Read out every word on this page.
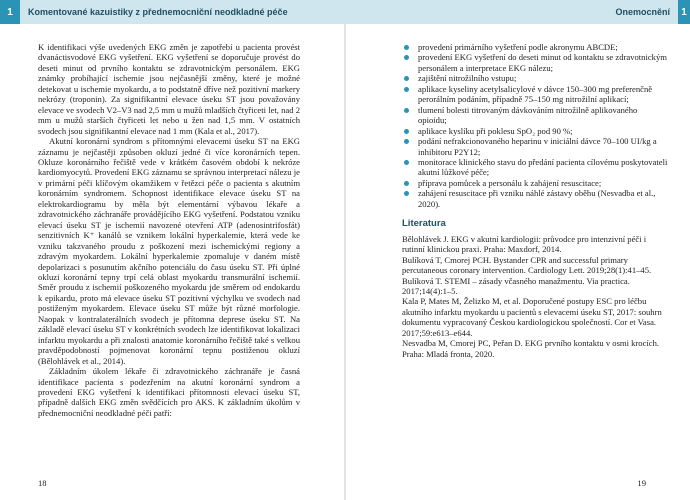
1	Komentované kazuistiky z přednemocniční neodkladné péče	Onemocnění	1

K identifikaci výše uvedených EKG změn je zapotřebí u pacienta provést dvanáctisvodové EKG vyšetření. EKG vyšetření se doporučuje provést do deseti minut od prvního kontaktu se zdravotnickým personálem. EKG známky probíhající ischemie jsou nejčasnější změny, které je možné detekovat u ischemie myokardu, a to podstatně dříve než pozitivní markery nekrózy (troponin). Za signifikantní elevace úseku ST jsou považovány elevace ve svodech V2–V3 nad 2,5 mm u mužů mladších čtyřiceti let, nad 2 mm u mužů starších čtyřiceti let nebo u žen nad 1,5 mm. V ostatních svodech jsou signifikantní elevace nad 1 mm (Kala et al., 2017).

Akutní koronární syndrom s přítomnými elevacemi úseku ST na EKG záznamu je nejčastěji způsoben okluzí jedné či více koronárních tepen. Okluze koronárního řečiště vede v krátkém časovém období k nekróze kardiomyocytů. Provedení EKG záznamu se správnou interpretací nálezu je v primární péči klíčovým okamžikem v řetězci péče o pacienta s akutním koronárním syndromem. Schopnost identifikace elevace úseku ST na elektrokardiogramu by měla být elementární výbavou lékaře a zdravotnického záchranáře provádějícího EKG vyšetření. Podstatou vzniku elevací úseku ST je ischemií navozené otevření ATP (adenosintrifosfát) senzitivních K⁺ kanálů se vznikem lokální hyperkalemie, která vede ke vzniku takzvaného proudu z poškození mezi ischemickými regiony a zdravým myokardem. Lokální hyperkalemie zpomaluje v daném místě depolarizaci s posunutím akčního potenciálu do času úseku ST. Při úplné okluzi koronární tepny trpí celá oblast myokardu transmurální ischemií. Směr proudu z ischemií poškozeného myokardu jde směrem od endokardu k epikardu, proto má elevace úseku ST pozitivní výchylku ve svodech nad postiženým myokardem. Elevace úseku ST může být různé morfologie. Naopak v kontralaterálních svodech je přítomna deprese úseku ST. Na základě elevací úseku ST v konkrétních svodech lze identifikovat lokalizaci infarktu myokardu a při znalosti anatomie koronárního řečiště také s velkou pravděpodobností pojmenovat koronární tepnu postiženou okluzí (Bělohlávek et al., 2014).

Základním úkolem lékaře či zdravotnického záchranáře je časná identifikace pacienta s podezřením na akutní koronární syndrom a provedení EKG vyšetření k identifikaci přítomnosti elevací úseku ST, případně dalších EKG změn svědčících pro AKS. K základním úkolům v přednemocniční neodkladné péči patří:

provedení primárního vyšetření podle akronymu ABCDE;
provedení EKG vyšetření do deseti minut od kontaktu se zdravotnickým personálem a interpretace EKG nálezu;
zajištění nitrožilního vstupu;
aplikace kyseliny acetylsalicylové v dávce 150–300 mg preferenčně perorálním podáním, případně 75–150 mg nitrožilní aplikací;
tlumení bolesti titrovaným dávkováním nitrožilně aplikovaného opioidu;
aplikace kyslíku při poklesu SpO₂ pod 90 %;
podání nefrakcionovaného heparinu v iniciální dávce 70–100 UI/kg a inhibitoru P2Y12;
monitorace klinického stavu do předání pacienta cílovému poskytovateli akutní lůžkové péče;
příprava pomůcek a personálu k zahájení resuscitace;
zahájení resuscitace při vzniku náhlé zástavy oběhu (Nesvadba et al., 2020).
Literatura

Bělohlávek J. EKG v akutní kardiologii: průvodce pro intenzivní péči i rutinní klinickou praxi. Praha: Maxdorf, 2014.

Bulíková T, Cmorej PCH. Bystander CPR and successful primary percutaneous coronary intervention. Cardiology Lett. 2019;28(1):41–45.

Bulíková T. STEMI – zásady včasného manažmentu. Via practica. 2017;14(4):1–5.

Kala P, Mates M, Želizko M, et al. Doporučené postupy ESC pro léčbu akutního infarktu myokardu u pacientů s elevacemi úseku ST, 2017: souhrn dokumentu vypracovaný Českou kardiologickou společností. Cor et Vasa. 2017;59:e613–e644.

Nesvadba M, Cmorej PC, Peřan D. EKG prvního kontaktu v osmi krocích. Praha: Mladá fronta, 2020.

18	19
